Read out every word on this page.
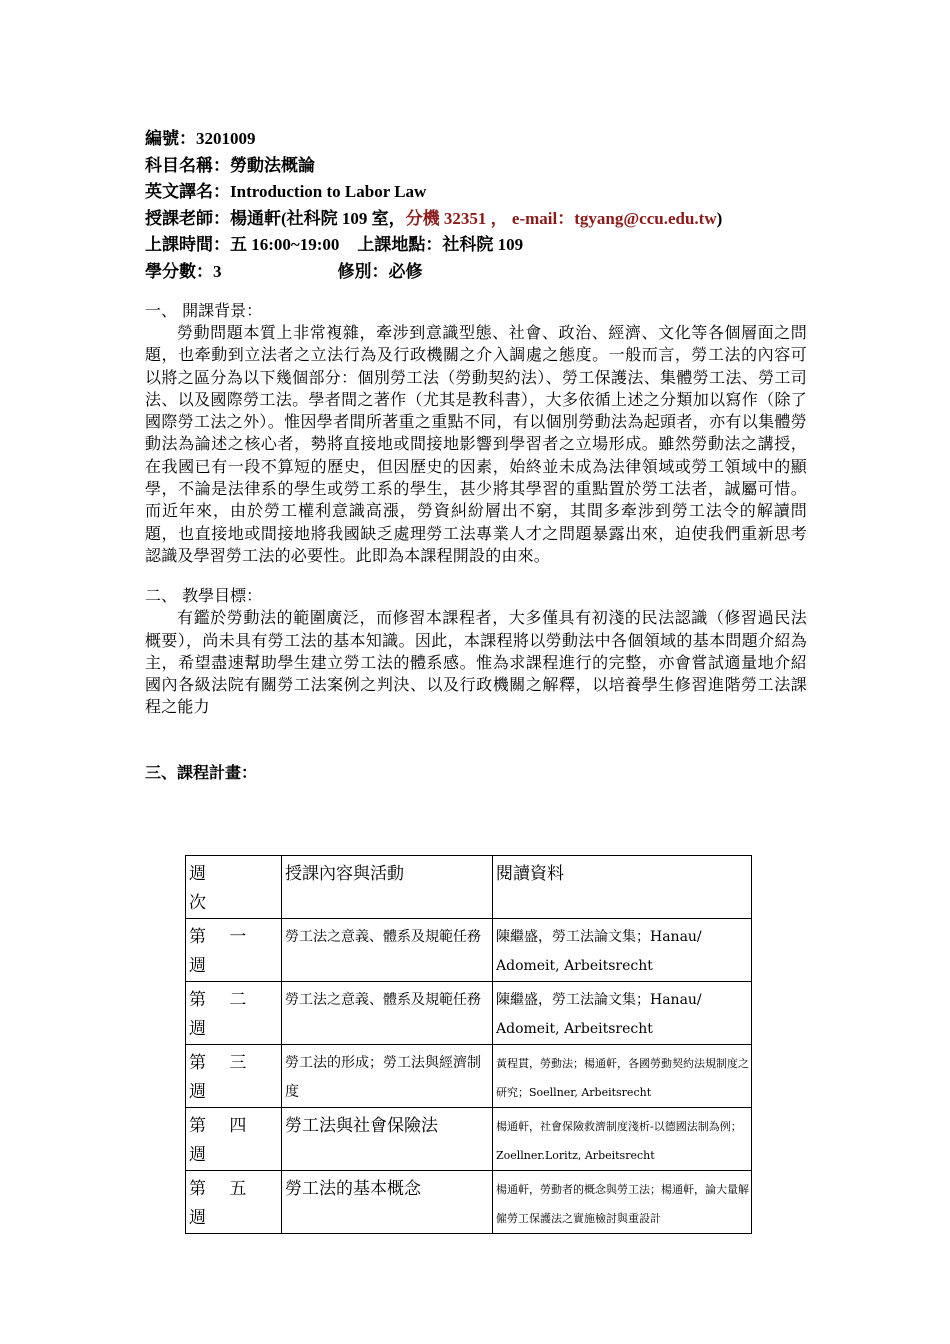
編號：3201009
科目名稱：勞動法概論
英文譯名：Introduction to Labor Law
授課老師：楊通軒(社科院 109 室，分機 32351 ， e-mail：tgyang@ccu.edu.tw)
上課時間：五 16:00~19:00 上課地點：社科院 109
學分數：3	修別：必修
一、 開課背景：
勞動問題本質上非常複雜，牽涉到意識型態、社會、政治、經濟、文化等各個層面之問題，也牽動到立法者之立法行為及行政機關之介入調處之態度。一般而言，勞工法的內容可以將之區分為以下幾個部分：個別勞工法（勞動契約法）、勞工保護法、集體勞工法、勞工司法、以及國際勞工法。學者間之著作（尤其是教科書），大多依循上述之分類加以寫作（除了國際勞工法之外）。惟因學者間所著重之重點不同，有以個別勞動法為起頭者，亦有以集體勞動法為論述之核心者，勢將直接地或間接地影響到學習者之立場形成。雖然勞動法之講授，在我國已有一段不算短的歷史，但因歷史的因素，始終並未成為法律領域或勞工領域中的顯學，不論是法律系的學生或勞工系的學生，甚少將其學習的重點置於勞工法者，誠屬可惜。而近年來，由於勞工權利意識高漲，勞資糾紛層出不窮，其間多牽涉到勞工法令的解讀問題，也直接地或間接地將我國缺乏處理勞工法專業人才之問題暴露出來，迫使我們重新思考認識及學習勞工法的必要性。此即為本課程開設的由來。
二、 教學目標：
有鑑於勞動法的範圍廣泛，而修習本課程者，大多僅具有初淺的民法認識（修習過民法概要），尚未具有勞工法的基本知識。因此，本課程將以勞動法中各個領域的基本問題介紹為主，希望盡速幫助學生建立勞工法的體系感。惟為求課程進行的完整，亦會嘗試適量地介紹國內各級法院有關勞工法案例之判決、以及行政機關之解釋，以培養學生修習進階勞工法課程之能力
三、課程計畫：
週
次	授課內容與活動	閱讀資料
第 一 週	勞工法之意義、體系及規範任務	陳繼盛，勞工法論文集；Hanau/ Adomeit, Arbeitsrecht
第 二 週	勞工法之意義、體系及規範任務	陳繼盛，勞工法論文集；Hanau/ Adomeit, Arbeitsrecht
第 三 週	勞工法的形成；勞工法與經濟制度	黃程貫，勞動法；楊通軒，各國勞動契約法規制度之研究；Soellner, Arbeitsrecht
第 四 週	勞工法與社會保險法	楊通軒，社會保險救濟制度淺析-以德國法制為例；Zoellner.Loritz, Arbeitsrecht
第 五 週	勞工法的基本概念	楊通軒，勞動者的概念與勞工法；楊通軒，論大量解僱勞工保護法之實施檢討與重設計
